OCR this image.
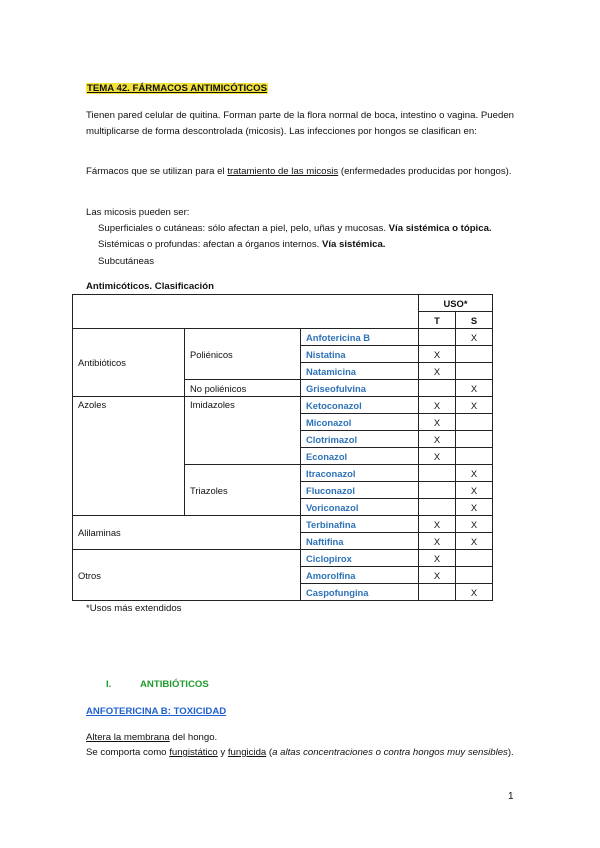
TEMA 42. FÁRMACOS ANTIMICÓTICOS
Tienen pared celular de quitina. Forman parte de la flora normal de boca, intestino o vagina. Pueden multiplicarse de forma descontrolada (micosis). Las infecciones por hongos se clasifican en:
Fármacos que se utilizan para el tratamiento de las micosis (enfermedades producidas por hongos).
Las micosis pueden ser:
Superficiales o cutáneas: sólo afectan a piel, pelo, uñas y mucosas. Vía sistémica o tópica.
Sistémicas o profundas: afectan a órganos internos. Vía sistémica.
Subcutáneas
Antimicóticos. Clasificación
			USO*	
			T	S
Antibióticos	Poliénicos	Anfotericina B		X
		Nistatina	X	
		Natamicina	X	
	No poliénicos	Griseofulvina		X
Azoles	Imidazoles	Ketoconazol	X	X
		Miconazol	X	
		Clotrimazol	X	
		Econazol	X	
	Triazoles	Itraconazol		X
		Fluconazol		X
		Voriconazol		X
Alilaminas		Terbinafina	X	X
		Naftifina	X	X
Otros		Ciclopirox	X	
		Amorolfina	X	
		Caspofungina		X
*Usos más extendidos
I.	ANTIBIÓTICOS
ANFOTERICINA B: TOXICIDAD
Altera la membrana del hongo.
Se comporta como fungistático y fungicida (a altas concentraciones o contra hongos muy sensibles).
1
